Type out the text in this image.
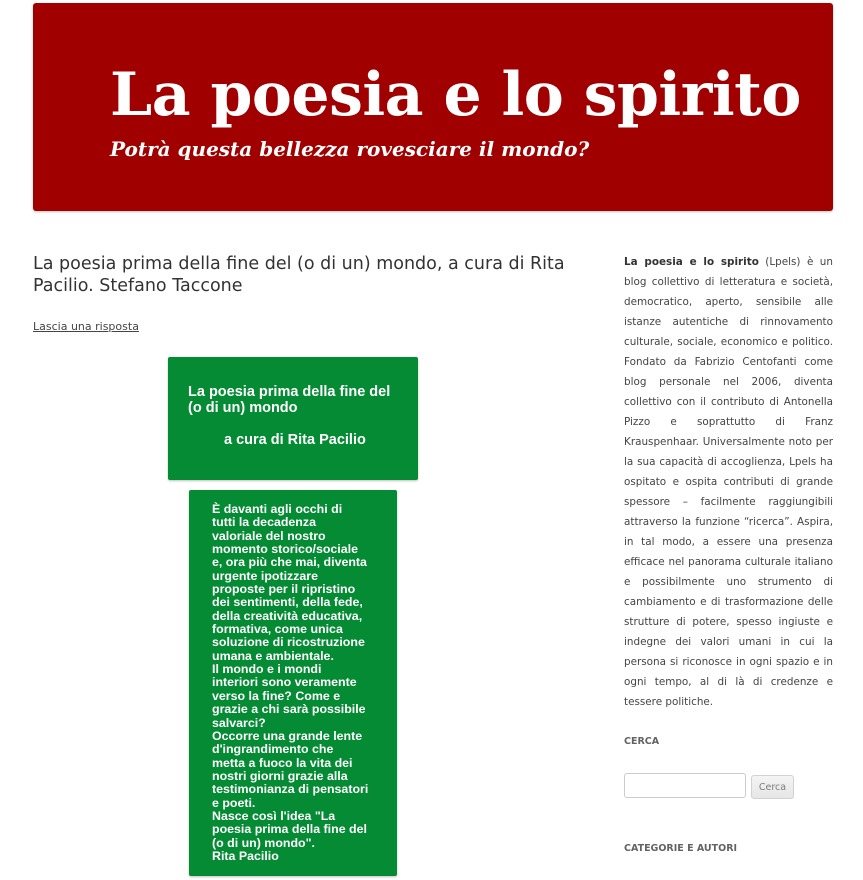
La poesia e lo spirito
Potrà questa bellezza rovesciare il mondo?
La poesia prima della fine del (o di un) mondo, a cura di Rita Pacilio. Stefano Taccone
Lascia una risposta
La poesia prima della fine del (o di un) mondo
a cura di Rita Pacilio
È davanti agli occhi di
tutti la decadenza
valoriale del nostro
momento storico/sociale
e, ora più che mai, diventa
urgente ipotizzare
proposte per il ripristino
dei sentimenti, della fede,
della creatività educativa,
formativa, come unica
soluzione di ricostruzione
umana e ambientale.
Il mondo e i mondi
interiori sono veramente
verso la fine? Come e
grazie a chi sarà possibile
salvarci?
Occorre una grande lente
d'ingrandimento che
metta a fuoco la vita dei
nostri giorni grazie alla
testimonianza di pensatori
e poeti.
Nasce così l'idea "La
poesia prima della fine del
(o di un) mondo".
Rita Pacilio

La poesia e lo spirito (Lpels) è un blog collettivo di letteratura e società, democratico, aperto, sensibile alle istanze autentiche di rinnovamento culturale, sociale, economico e politico. Fondato da Fabrizio Centofanti come blog personale nel 2006, diventa collettivo con il contributo di Antonella Pizzo e soprattutto di Franz Krauspenhaar. Universalmente noto per la sua capacità di accoglienza, Lpels ha ospitato e ospita contributi di grande spessore – facilmente raggiungibili attraverso la funzione “ricerca”. Aspira, in tal modo, a essere una presenza efficace nel panorama culturale italiano e possibilmente uno strumento di cambiamento e di trasformazione delle strutture di potere, spesso ingiuste e indegne dei valori umani in cui la persona si riconosce in ogni spazio e in ogni tempo, al di là di credenze e tessere politiche.

CERCA
Cerca
CATEGORIE E AUTORI
